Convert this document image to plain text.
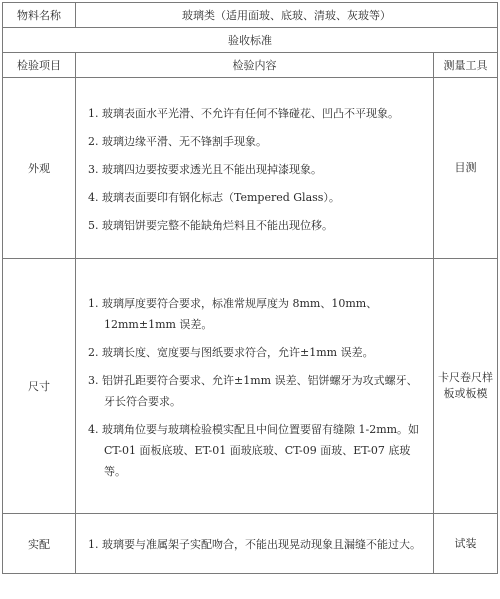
物料名称	玻璃类（适用面玻、底玻、清玻、灰玻等）	
验收标准		
检验项目	检验内容	测量工具
外观	1. 玻璃表面水平光滑、不允许有任何不锋碰花、凹凸不平现象。
2. 玻璃边缘平滑、无不锋割手现象。
3. 玻璃四边要按要求透光且不能出现掉漆现象。
4. 玻璃表面要印有钢化标志（Tempered Glass）。
5. 玻璃铝饼要完整不能缺角烂料且不能出现位移。	目测
尺寸	1. 玻璃厚度要符合要求，标准常规厚度为 8mm、10mm、12mm±1mm 误差。
2. 玻璃长度、宽度要与图纸要求符合，允许±1mm 误差。
3. 铝饼孔距要符合要求、允许±1mm 误差、铝饼螺牙为攻式螺牙、牙长符合要求。
4. 玻璃角位要与玻璃检验模实配且中间位置要留有缝隙 1-2mm。如 CT-01 面板底玻、ET-01 面玻底玻、CT-09 面玻、ET-07 底玻等。	卡尺卷尺样板或板模
实配	1. 玻璃要与准属架子实配吻合，不能出现晃动现象且漏缝不能过大。	试装
